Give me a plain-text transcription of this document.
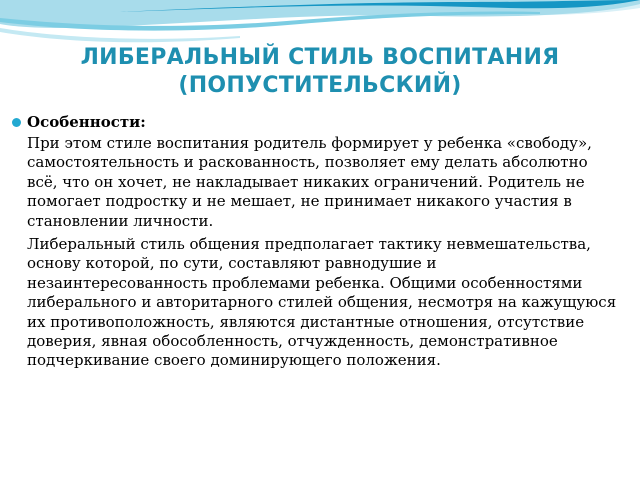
ЛИБЕРАЛЬНЫЙ СТИЛЬ ВОСПИТАНИЯ
(ПОПУСТИТЕЛЬСКИЙ)
Особенности:

При этом стиле воспитания родитель формирует у ребенка «свободу», самостоятельность и раскованность, позволяет ему делать абсолютно всё, что он хочет, не накладывает никаких ограничений. Родитель не помогает подростку и не мешает, не принимает никакого участия в становлении личности.

Либеральный стиль общения предполагает тактику невмешательства, основу которой, по сути, составляют равнодушие и незаинтересованность проблемами ребенка. Общими особенностями либерального и авторитарного стилей общения, несмотря на кажущуюся их противоположность, являются дистантные отношения, отсутствие доверия, явная обособленность, отчужденность, демонстративное подчеркивание своего доминирующего положения.
